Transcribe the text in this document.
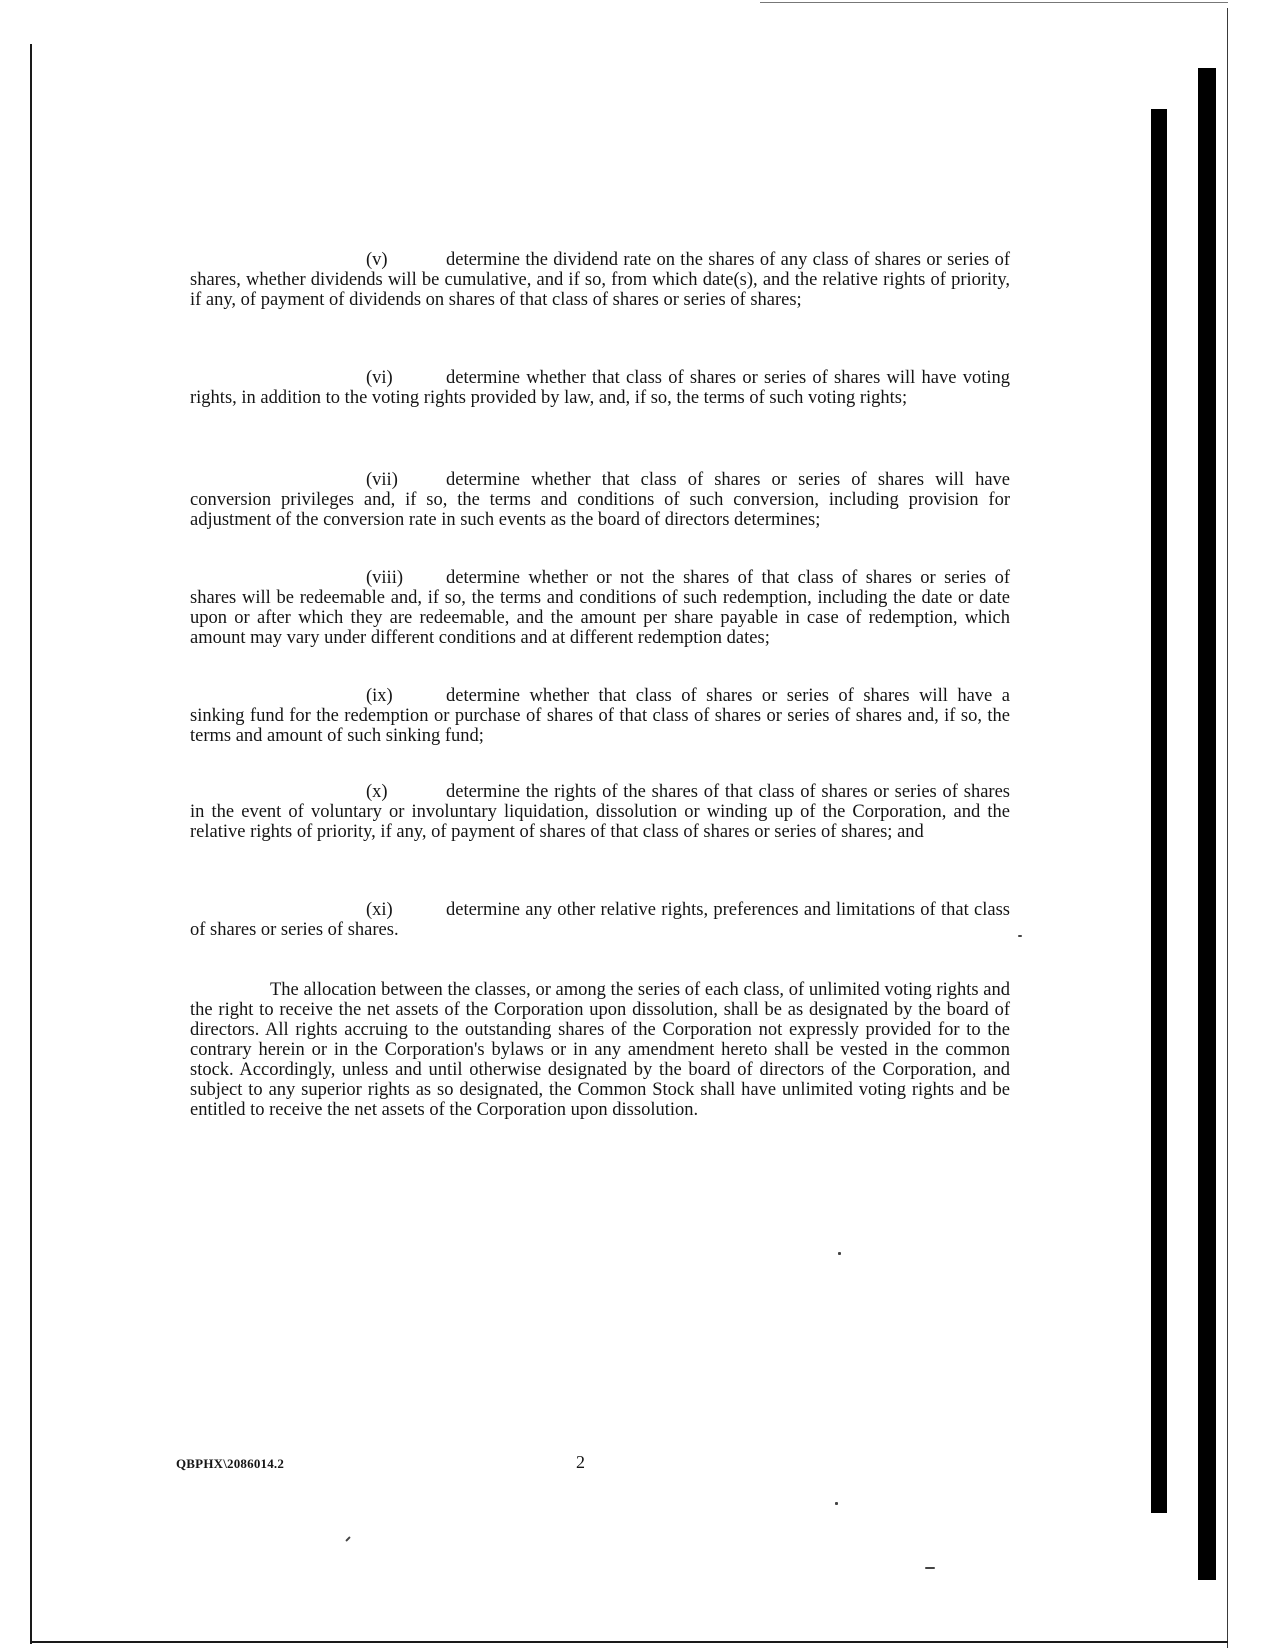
(v)	determine the dividend rate on the shares of any class of shares or series of shares, whether dividends will be cumulative, and if so, from which date(s), and the relative rights of priority, if any, of payment of dividends on shares of that class of shares or series of shares;

(vi)	determine whether that class of shares or series of shares will have voting rights, in addition to the voting rights provided by law, and, if so, the terms of such voting rights;

(vii)	determine whether that class of shares or series of shares will have conversion privileges and, if so, the terms and conditions of such conversion, including provision for adjustment of the conversion rate in such events as the board of directors determines;

(viii) determine whether or not the shares of that class of shares or series of shares will be redeemable and, if so, the terms and conditions of such redemption, including the date or date upon or after which they are redeemable, and the amount per share payable in case of redemption, which amount may vary under different conditions and at different redemption dates;

(ix)	determine whether that class of shares or series of shares will have a sinking fund for the redemption or purchase of shares of that class of shares or series of shares and, if so, the terms and amount of such sinking fund;

(x)	determine the rights of the shares of that class of shares or series of shares in the event of voluntary or involuntary liquidation, dissolution or winding up of the Corporation, and the relative rights of priority, if any, of payment of shares of that class of shares or series of shares; and

(xi)	determine any other relative rights, preferences and limitations of that class of shares or series of shares.

The allocation between the classes, or among the series of each class, of unlimited voting rights and the right to receive the net assets of the Corporation upon dissolution, shall be as designated by the board of directors. All rights accruing to the outstanding shares of the Corporation not expressly provided for to the contrary herein or in the Corporation's bylaws or in any amendment hereto shall be vested in the common stock. Accordingly, unless and until otherwise designated by the board of directors of the Corporation, and subject to any superior rights as so designated, the Common Stock shall have unlimited voting rights and be entitled to receive the net assets of the Corporation upon dissolution.

QBPHX\2086014.2	2
